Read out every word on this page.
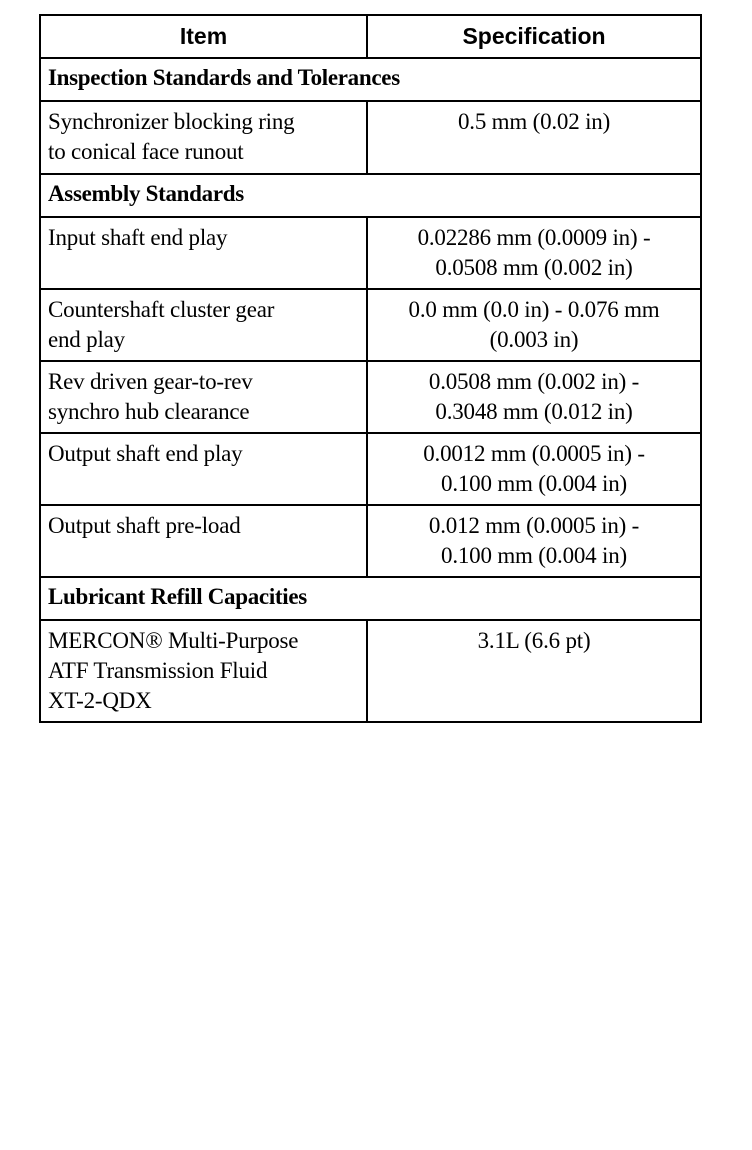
Item	Specification
Inspection Standards and Tolerances	

Synchronizer blocking ring
to conical face runout	0.5 mm (0.02 in)

Assembly Standards	

Input shaft end play	0.02286 mm (0.0009 in) -
0.0508 mm (0.002 in)

Countershaft cluster gear
end play	0.0 mm (0.0 in) - 0.076 mm
(0.003 in)

Rev driven gear-to-rev
synchro hub clearance	0.0508 mm (0.002 in) -
0.3048 mm (0.012 in)

Output shaft end play	0.0012 mm (0.0005 in) -
0.100 mm (0.004 in)

Output shaft pre-load	0.012 mm (0.0005 in) -
0.100 mm (0.004 in)

Lubricant Refill Capacities	

MERCON® Multi-Purpose
ATF Transmission Fluid
XT-2-QDX	3.1L (6.6 pt)
